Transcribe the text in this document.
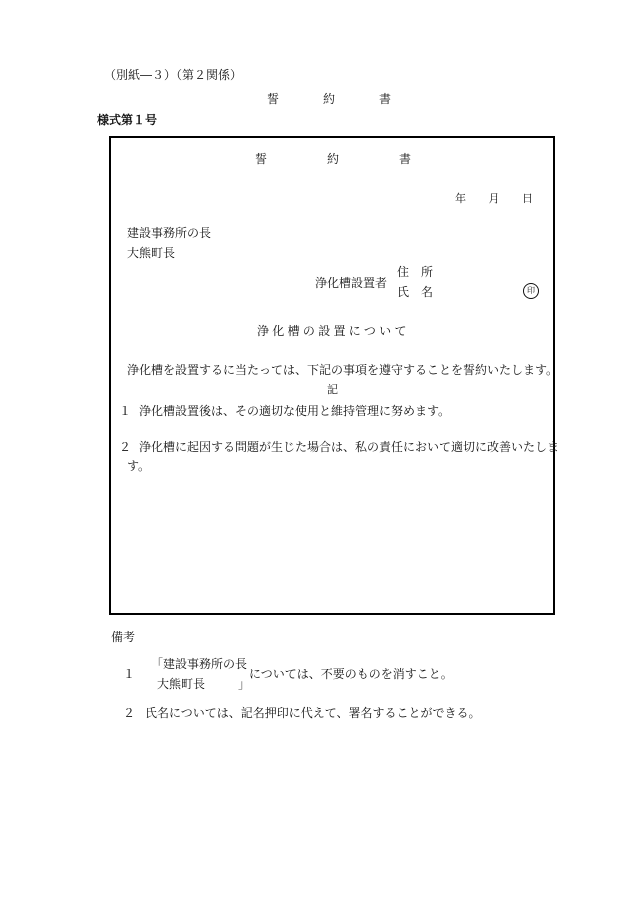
（別紙―３）（第２関係）
誓	約	書
様式第１号
誓	約	書
年 月 日
建設事務所の長
大熊町長
浄化槽設置者
住　所
氏　名	印
浄化槽の設置について
浄化槽を設置するに当たっては、下記の事項を遵守することを誓約いたします。
記
１ 浄化槽設置後は、その適切な使用と維持管理に努めます。
２ 浄化槽に起因する問題が生じた場合は、私の責任において適切に改善いたしま
す。
備考
１
「建設事務所の長
大熊町長	」
については、不要のものを消すこと。
２ 氏名については、記名押印に代えて、署名することができる。
